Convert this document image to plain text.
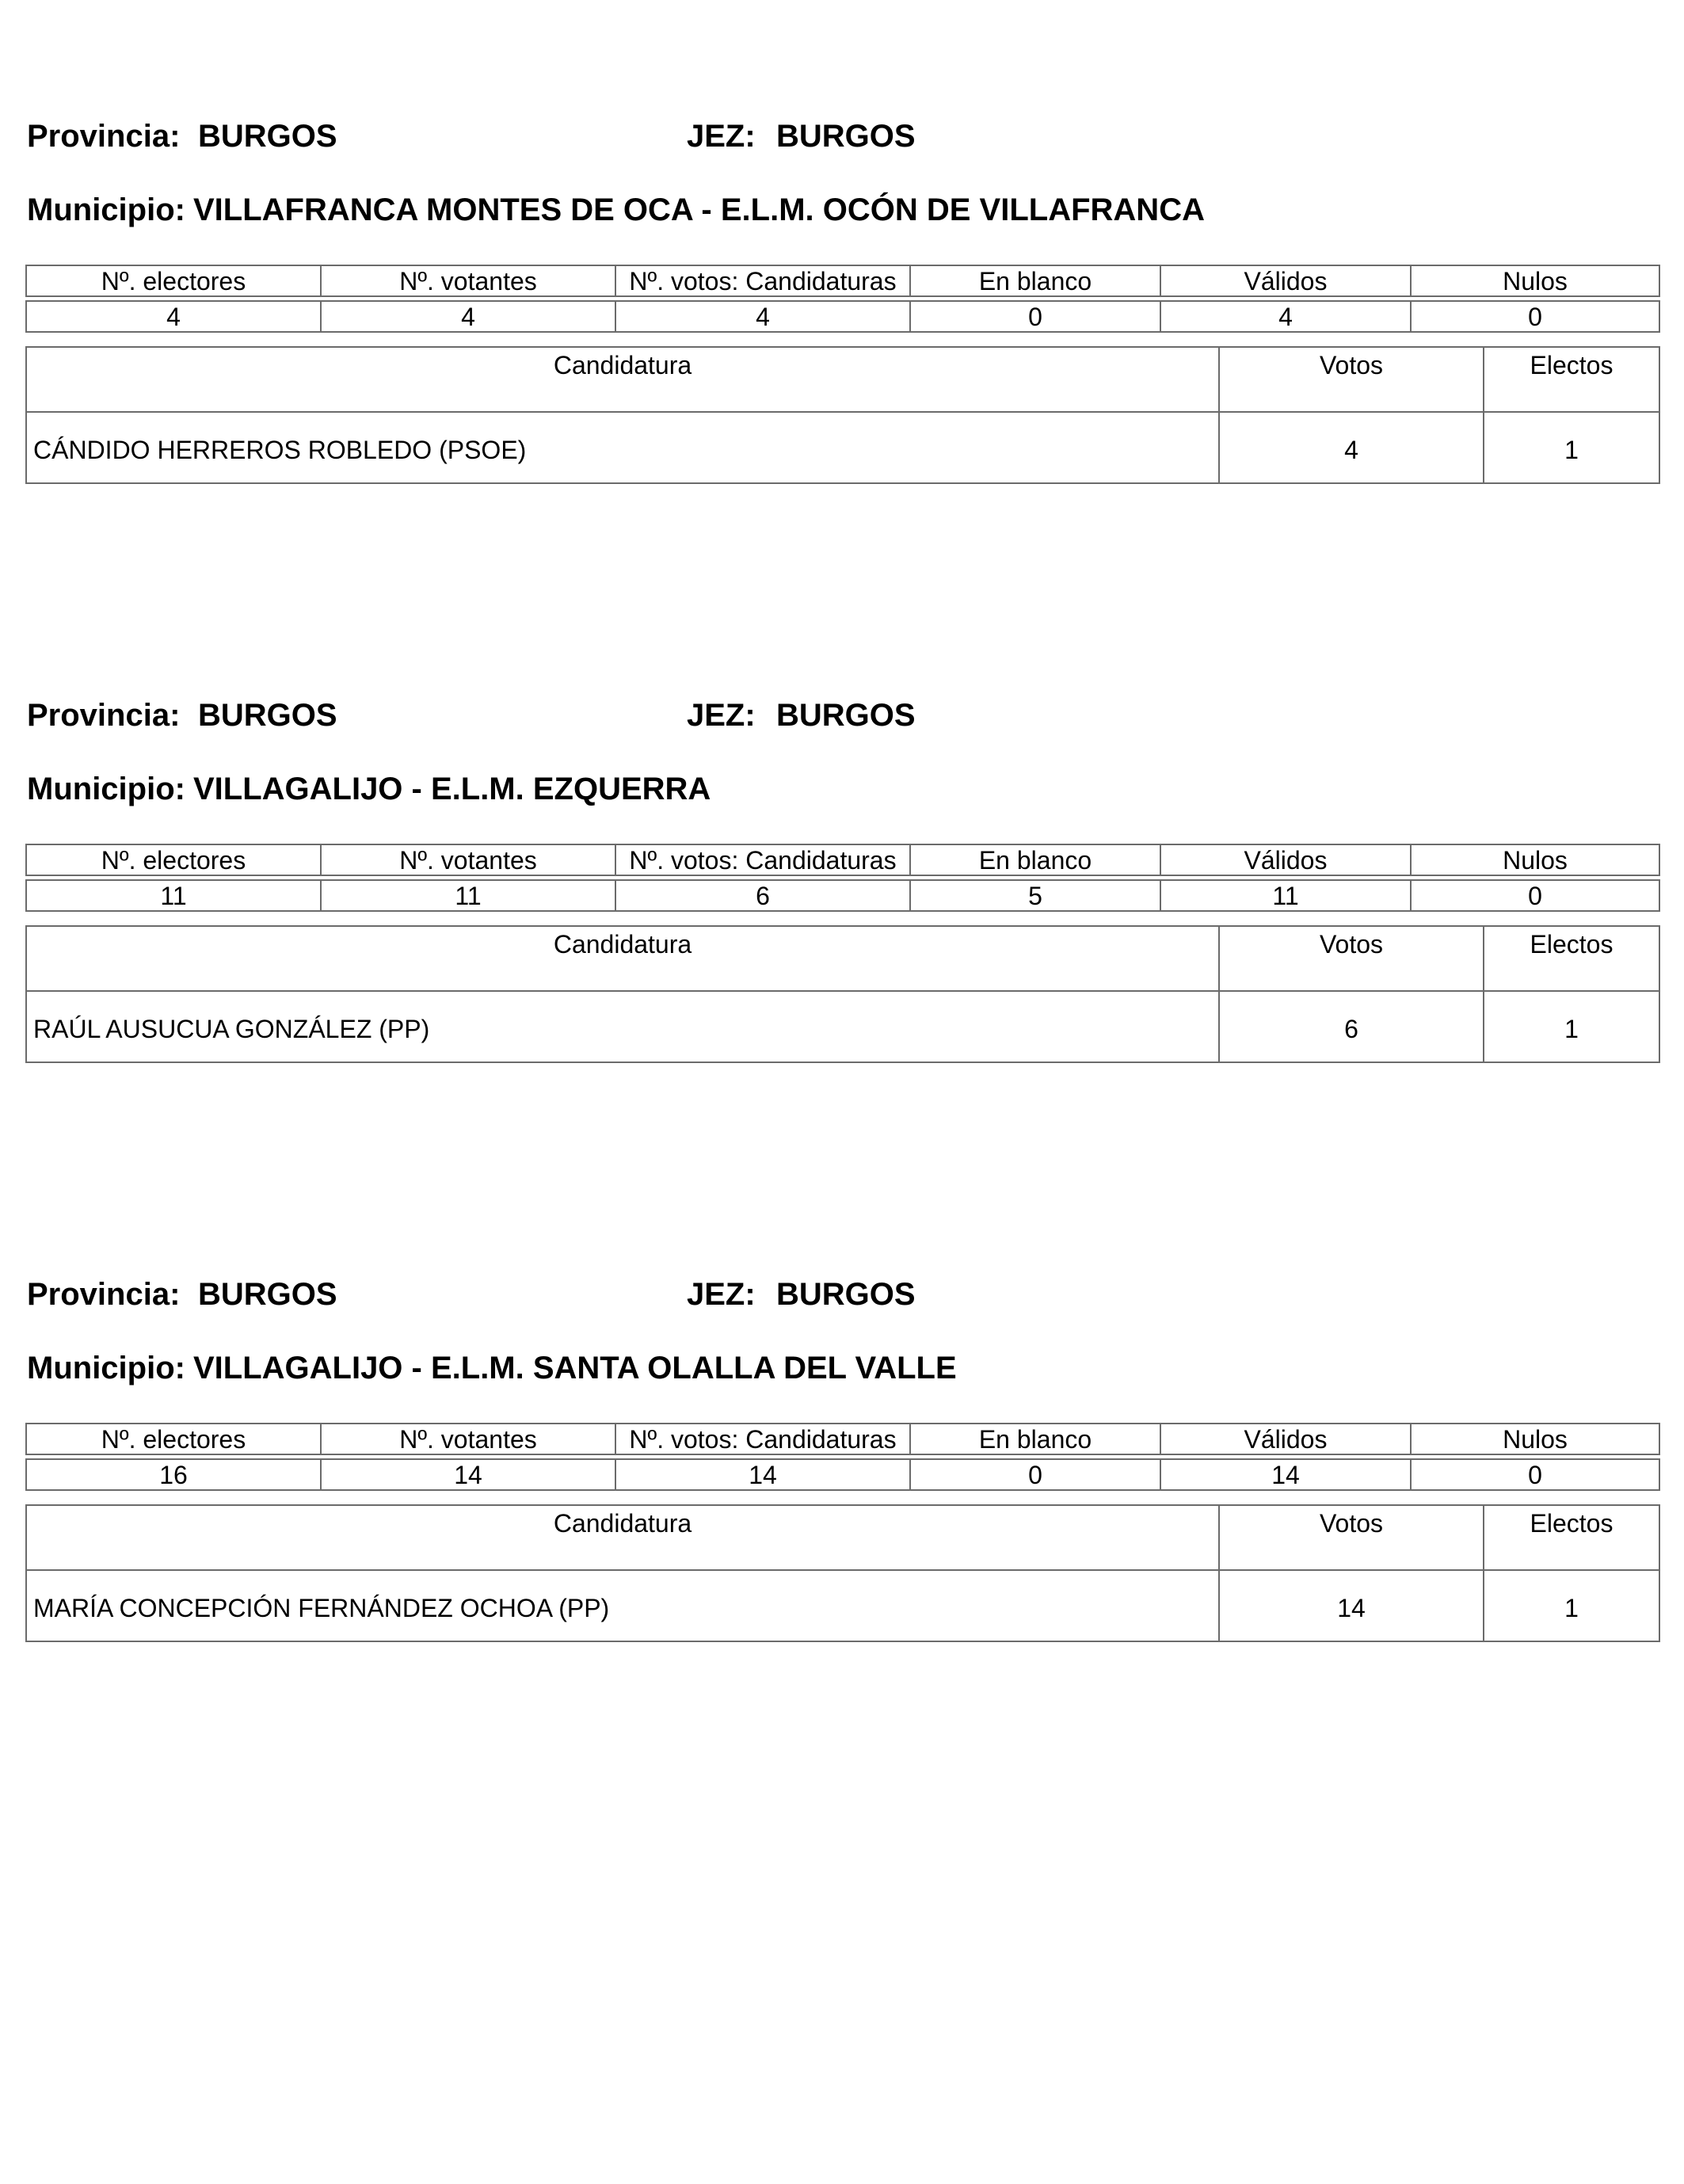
Provincia: BURGOS	JEZ: BURGOS
Municipio: VILLAFRANCA MONTES DE OCA - E.L.M. OCÓN DE VILLAFRANCA
Nº. electores	Nº. votantes	Nº. votos: Candidaturas	En blanco	Válidos	Nulos

4	4	4	0	4	0
Candidatura	Votos	Electos
CÁNDIDO HERREROS ROBLEDO (PSOE)	4	1
Provincia: BURGOS	JEZ: BURGOS
Municipio: VILLAGALIJO - E.L.M. EZQUERRA
Nº. electores	Nº. votantes	Nº. votos: Candidaturas	En blanco	Válidos	Nulos

11	11	6	5	11	0
Candidatura	Votos	Electos
RAÚL AUSUCUA GONZÁLEZ (PP)	6	1
Provincia: BURGOS	JEZ: BURGOS
Municipio: VILLAGALIJO - E.L.M. SANTA OLALLA DEL VALLE
Nº. electores	Nº. votantes	Nº. votos: Candidaturas	En blanco	Válidos	Nulos

16	14	14	0	14	0
Candidatura	Votos	Electos
MARÍA CONCEPCIÓN FERNÁNDEZ OCHOA (PP)	14	1
